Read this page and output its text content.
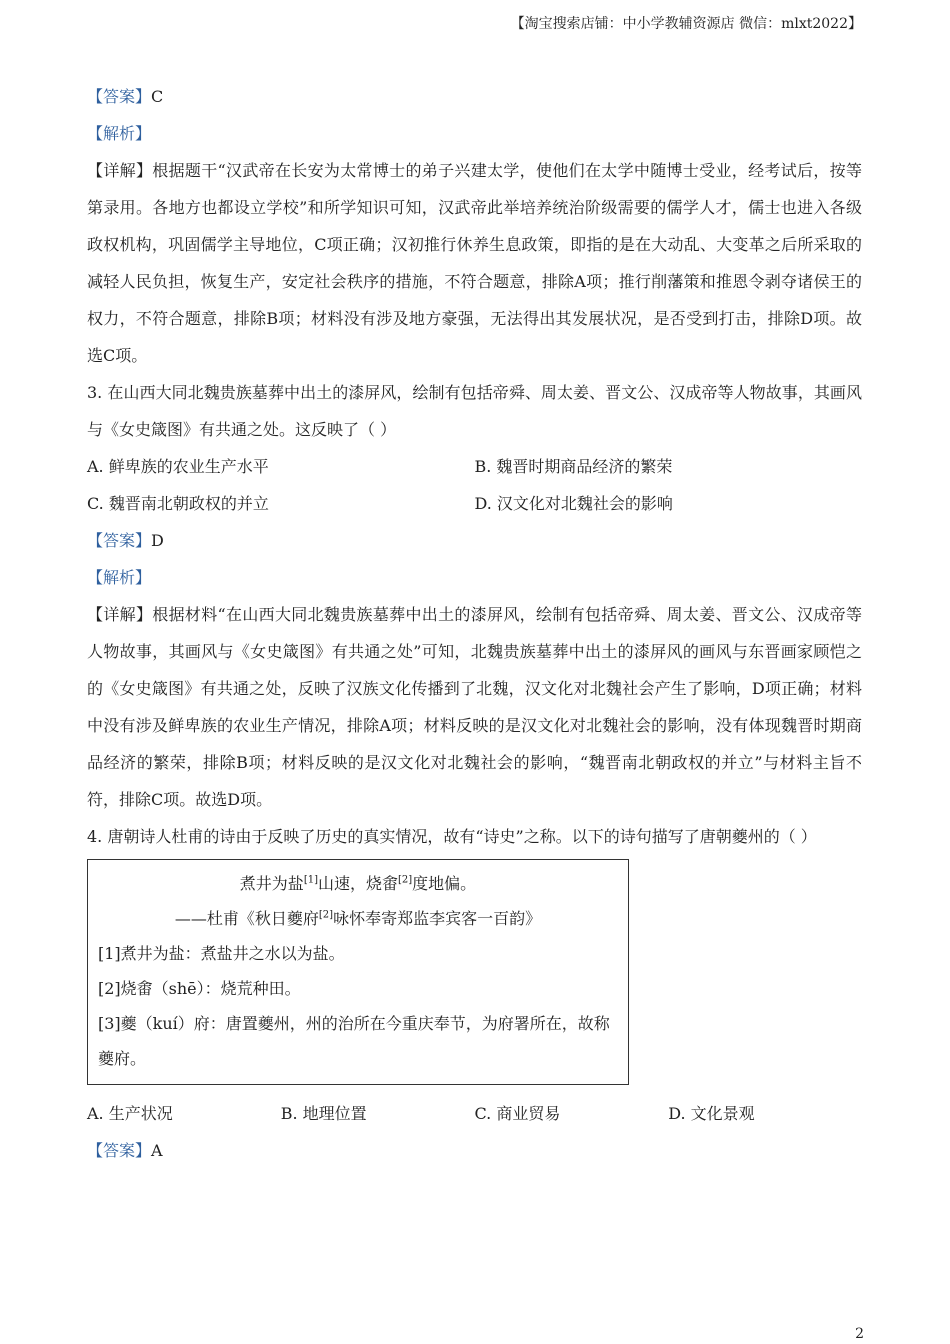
【淘宝搜索店铺：中小学教辅资源店 微信：mlxt2022】

【答案】C

【解析】

【详解】根据题干“汉武帝在长安为太常博士的弟子兴建太学，使他们在太学中随博士受业，经考试后，按等第录用。各地方也都设立学校”和所学知识可知，汉武帝此举培养统治阶级需要的儒学人才，儒士也进入各级政权机构，巩固儒学主导地位，C项正确；汉初推行休养生息政策，即指的是在大动乱、大变革之后所采取的减轻人民负担，恢复生产，安定社会秩序的措施，不符合题意，排除A项；推行削藩策和推恩令剥夺诸侯王的权力，不符合题意，排除B项；材料没有涉及地方豪强，无法得出其发展状况，是否受到打击，排除D项。故选C项。

3. 在山西大同北魏贵族墓葬中出土的漆屏风，绘制有包括帝舜、周太姜、晋文公、汉成帝等人物故事，其画风与《女史箴图》有共通之处。这反映了（ ）

A. 鲜卑族的农业生产水平	B. 魏晋时期商品经济的繁荣
C. 魏晋南北朝政权的并立	D. 汉文化对北魏社会的影响

【答案】D

【解析】

【详解】根据材料“在山西大同北魏贵族墓葬中出土的漆屏风，绘制有包括帝舜、周太姜、晋文公、汉成帝等人物故事，其画风与《女史箴图》有共通之处”可知，北魏贵族墓葬中出土的漆屏风的画风与东晋画家顾恺之的《女史箴图》有共通之处，反映了汉族文化传播到了北魏，汉文化对北魏社会产生了影响，D项正确；材料中没有涉及鲜卑族的农业生产情况，排除A项；材料反映的是汉文化对北魏社会的影响，没有体现魏晋时期商品经济的繁荣，排除B项；材料反映的是汉文化对北魏社会的影响，“魏晋南北朝政权的并立”与材料主旨不符，排除C项。故选D项。

4. 唐朝诗人杜甫的诗由于反映了历史的真实情况，故有“诗史”之称。以下的诗句描写了唐朝夔州的（ ）

煮井为盐[1]山速，烧畬[2]度地偏。
——杜甫《秋日夔府[2]咏怀奉寄郑监李宾客一百韵》
[1]煮井为盐：煮盐井之水以为盐。
[2]烧畬（shē）：烧荒种田。
[3]夔（kuí）府：唐置夔州，州的治所在今重庆奉节，为府署所在，故称夔府。
A. 生产状况	B. 地理位置	C. 商业贸易	D. 文化景观

【答案】A

2
